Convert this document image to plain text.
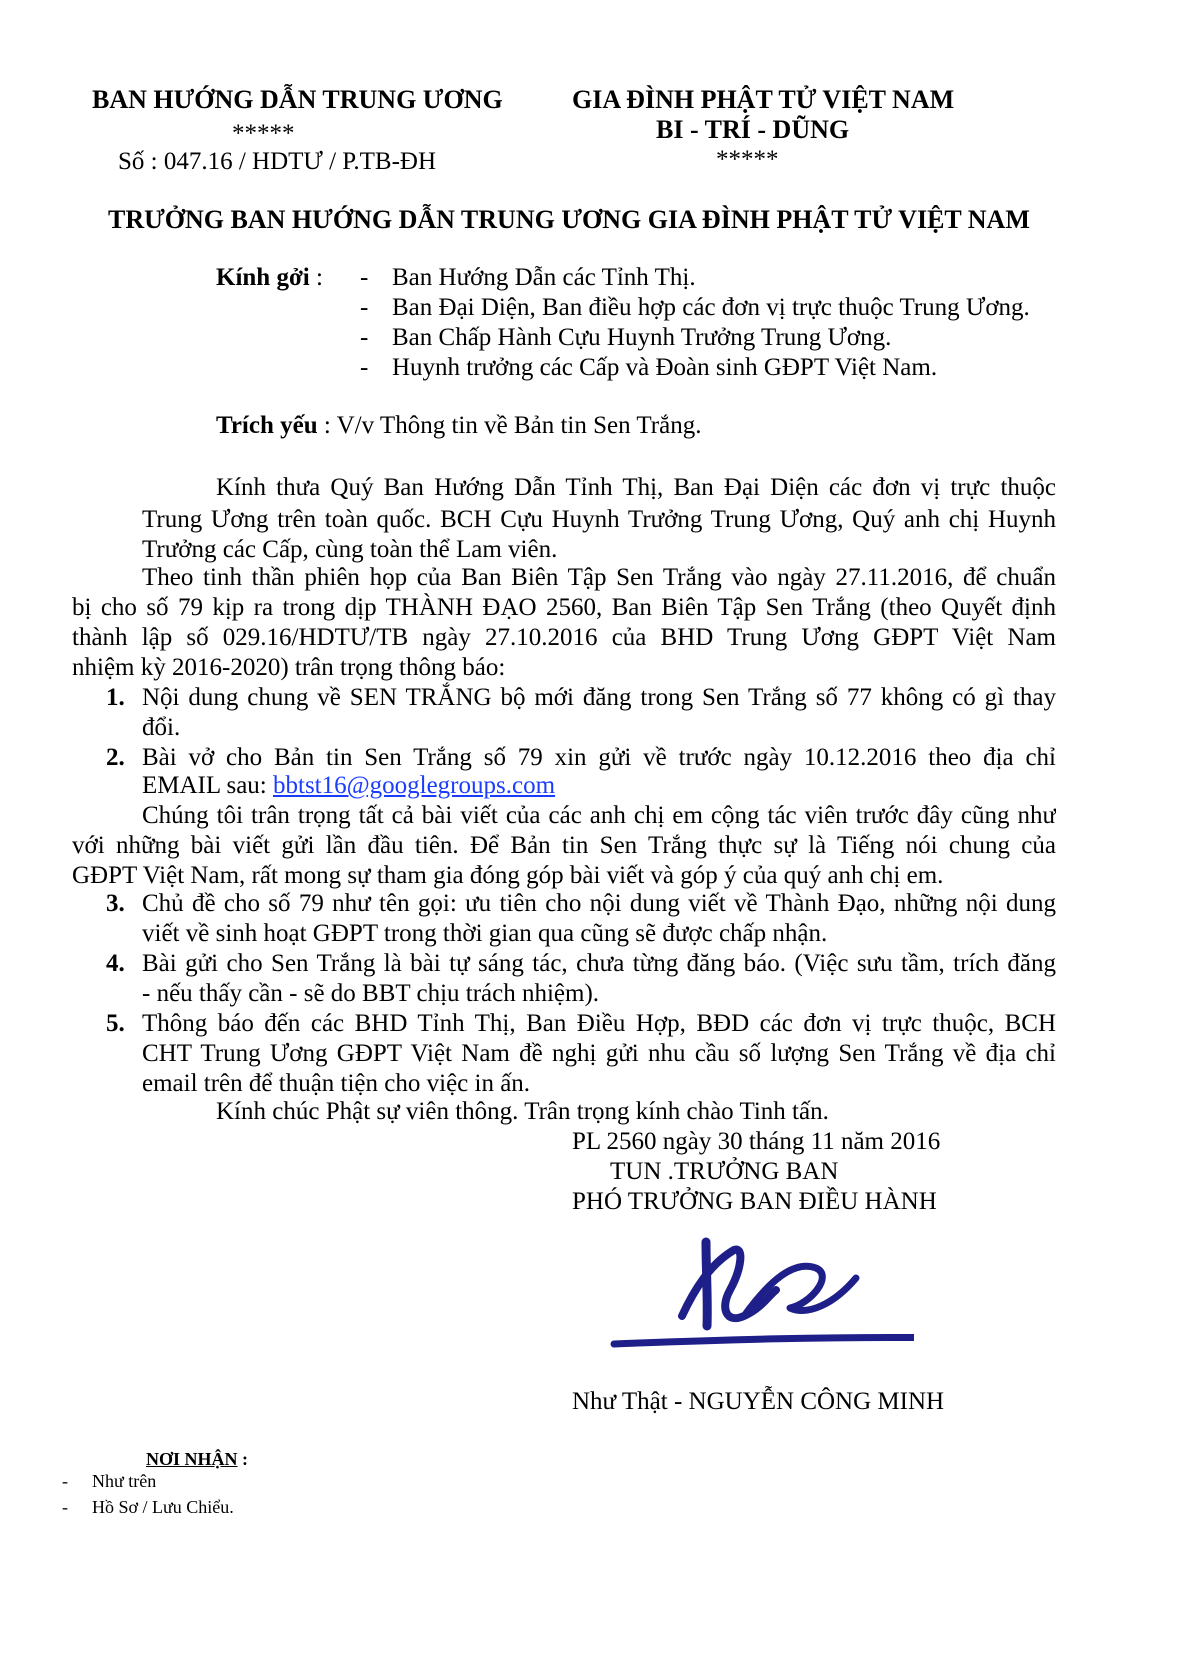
BAN HƯỚNG DẪN TRUNG ƯƠNG
*****
Số : 047.16 / HDTƯ / P.TB-ĐH
GIA ĐÌNH PHẬT TỬ VIỆT NAM
BI - TRÍ - DŨNG
*****
TRƯỞNG BAN HƯỚNG DẪN TRUNG ƯƠNG GIA ĐÌNH PHẬT TỬ VIỆT NAM
Kính gởi : - Ban Hướng Dẫn các Tỉnh Thị.
- Ban Đại Diện, Ban điều hợp các đơn vị trực thuộc Trung Ương.
- Ban Chấp Hành Cựu Huynh Trưởng Trung Ương.
- Huynh trưởng các Cấp và Đoàn sinh GĐPT Việt Nam.
Trích yếu : V/v Thông tin về Bản tin Sen Trắng.
Kính thưa Quý Ban Hướng Dẫn Tỉnh Thị, Ban Đại Diện các đơn vị trực thuộc
Trung Ương trên toàn quốc. BCH Cựu Huynh Trưởng Trung Ương, Quý anh chị Huynh
Trưởng các Cấp, cùng toàn thể Lam viên.
Theo tinh thần phiên họp của Ban Biên Tập Sen Trắng vào ngày 27.11.2016, để chuẩn
bị cho số 79 kịp ra trong dịp THÀNH ĐẠO 2560, Ban Biên Tập Sen Trắng (theo Quyết định
thành lập số 029.16/HDTƯ/TB ngày 27.10.2016 của BHD Trung Ương GĐPT Việt Nam
nhiệm kỳ 2016-2020) trân trọng thông báo:
1. Nội dung chung về SEN TRẮNG bộ mới đăng trong Sen Trắng số 77 không có gì thay
đổi.
2. Bài vở cho Bản tin Sen Trắng số 79 xin gửi về trước ngày 10.12.2016 theo địa chỉ
EMAIL sau: bbtst16@googlegroups.com
Chúng tôi trân trọng tất cả bài viết của các anh chị em cộng tác viên trước đây cũng như
với những bài viết gửi lần đầu tiên. Để Bản tin Sen Trắng thực sự là Tiếng nói chung của
GĐPT Việt Nam, rất mong sự tham gia đóng góp bài viết và góp ý của quý anh chị em.
3. Chủ đề cho số 79 như tên gọi: ưu tiên cho nội dung viết về Thành Đạo, những nội dung
viết về sinh hoạt GĐPT trong thời gian qua cũng sẽ được chấp nhận.
4. Bài gửi cho Sen Trắng là bài tự sáng tác, chưa từng đăng báo. (Việc sưu tầm, trích đăng
- nếu thấy cần - sẽ do BBT chịu trách nhiệm).
5. Thông báo đến các BHD Tỉnh Thị, Ban Điều Hợp, BĐD các đơn vị trực thuộc, BCH
CHT Trung Ương GĐPT Việt Nam đề nghị gửi nhu cầu số lượng Sen Trắng về địa chỉ
email trên để thuận tiện cho việc in ấn.
Kính chúc Phật sự viên thông. Trân trọng kính chào Tinh tấn.
PL 2560 ngày 30 tháng 11 năm 2016
TUN .TRƯỞNG BAN
PHÓ TRƯỞNG BAN ĐIỀU HÀNH
Như Thật - NGUYỄN CÔNG MINH
NƠI NHẬN :
- Như trên
- Hồ Sơ / Lưu Chiểu.
